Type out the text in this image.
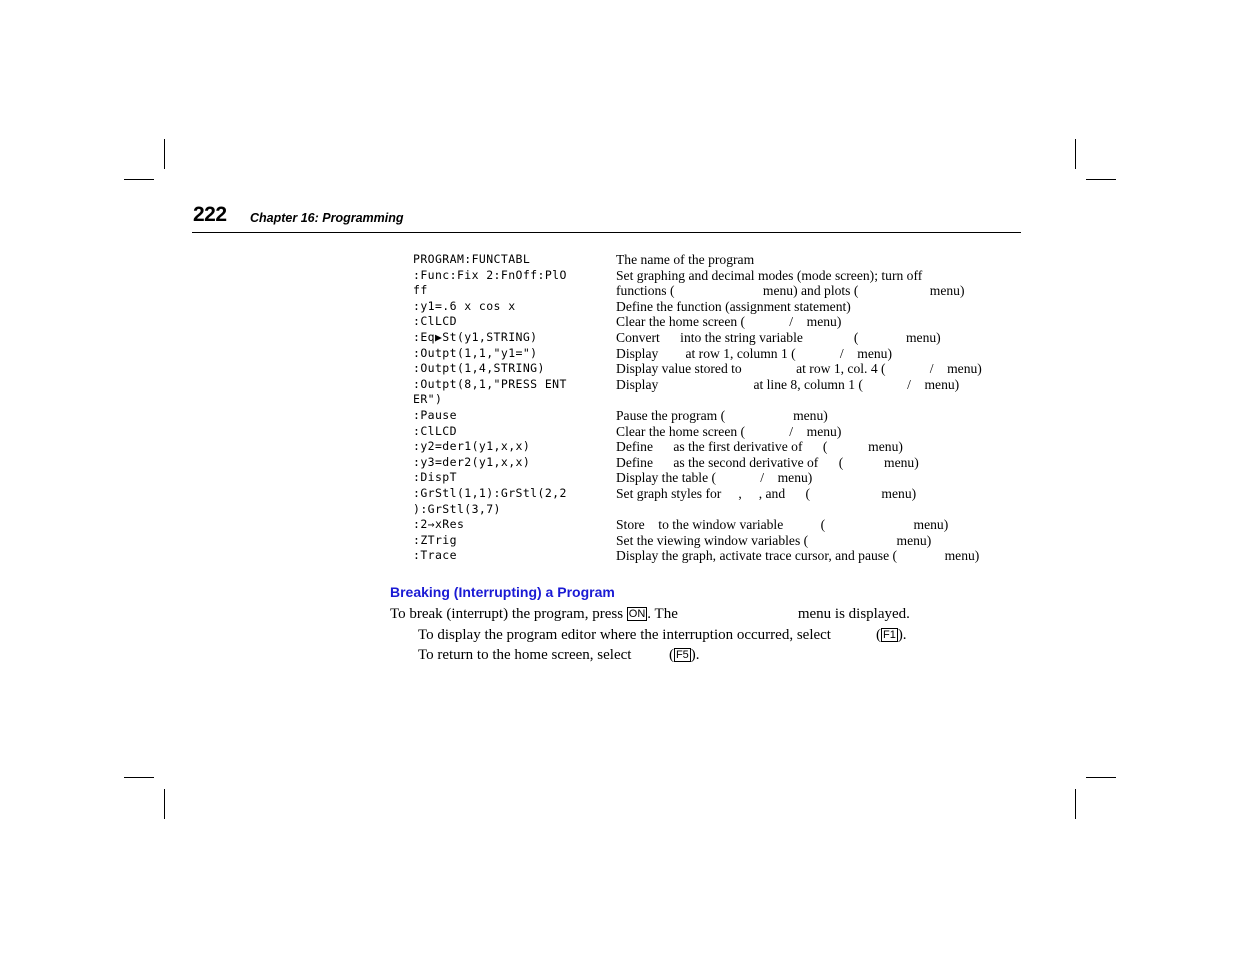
222 Chapter 16: Programming
PROGRAM:FUNCTABL
:Func:Fix 2:FnOff:PlO
ff
:y1=.6 x cos x
:ClLCD
:Eq▶St(y1,STRING)
:Outpt(1,1,"y1=")
:Outpt(1,4,STRING)
:Outpt(8,1,"PRESS ENT
ER")
:Pause
:ClLCD
:y2=der1(y1,x,x)
:y3=der2(y1,x,x)
:DispT
:GrStl(1,1):GrStl(2,2
):GrStl(3,7)
:2→xRes
:ZTrig
:Trace
The name of the program
Set graphing and decimal modes (mode screen); turn off
functions (                          menu) and plots (                     menu)
Define the function (assignment statement)
Clear the home screen (             /    menu)
Convert      into the string variable               (              menu)
Display        at row 1, column 1 (             /    menu)
Display value stored to                at row 1, col. 4 (             /    menu)
Display                            at line 8, column 1 (             /    menu)
Pause the program (                    menu)
Clear the home screen (             /    menu)
Define      as the first derivative of      (            menu)
Define      as the second derivative of      (            menu)
Display the table (             /    menu)
Set graph styles for     ,     , and      (                     menu)
Store    to the window variable           (                          menu)
Set the viewing window variables (                          menu)
Display the graph, activate trace cursor, and pause (              menu)
Breaking (Interrupting) a Program
To break (interrupt) the program, press ON . The                                menu is displayed.
To display the program editor where the interruption occurred, select            ( F1 ).
To return to the home screen, select          ( F5 ).
